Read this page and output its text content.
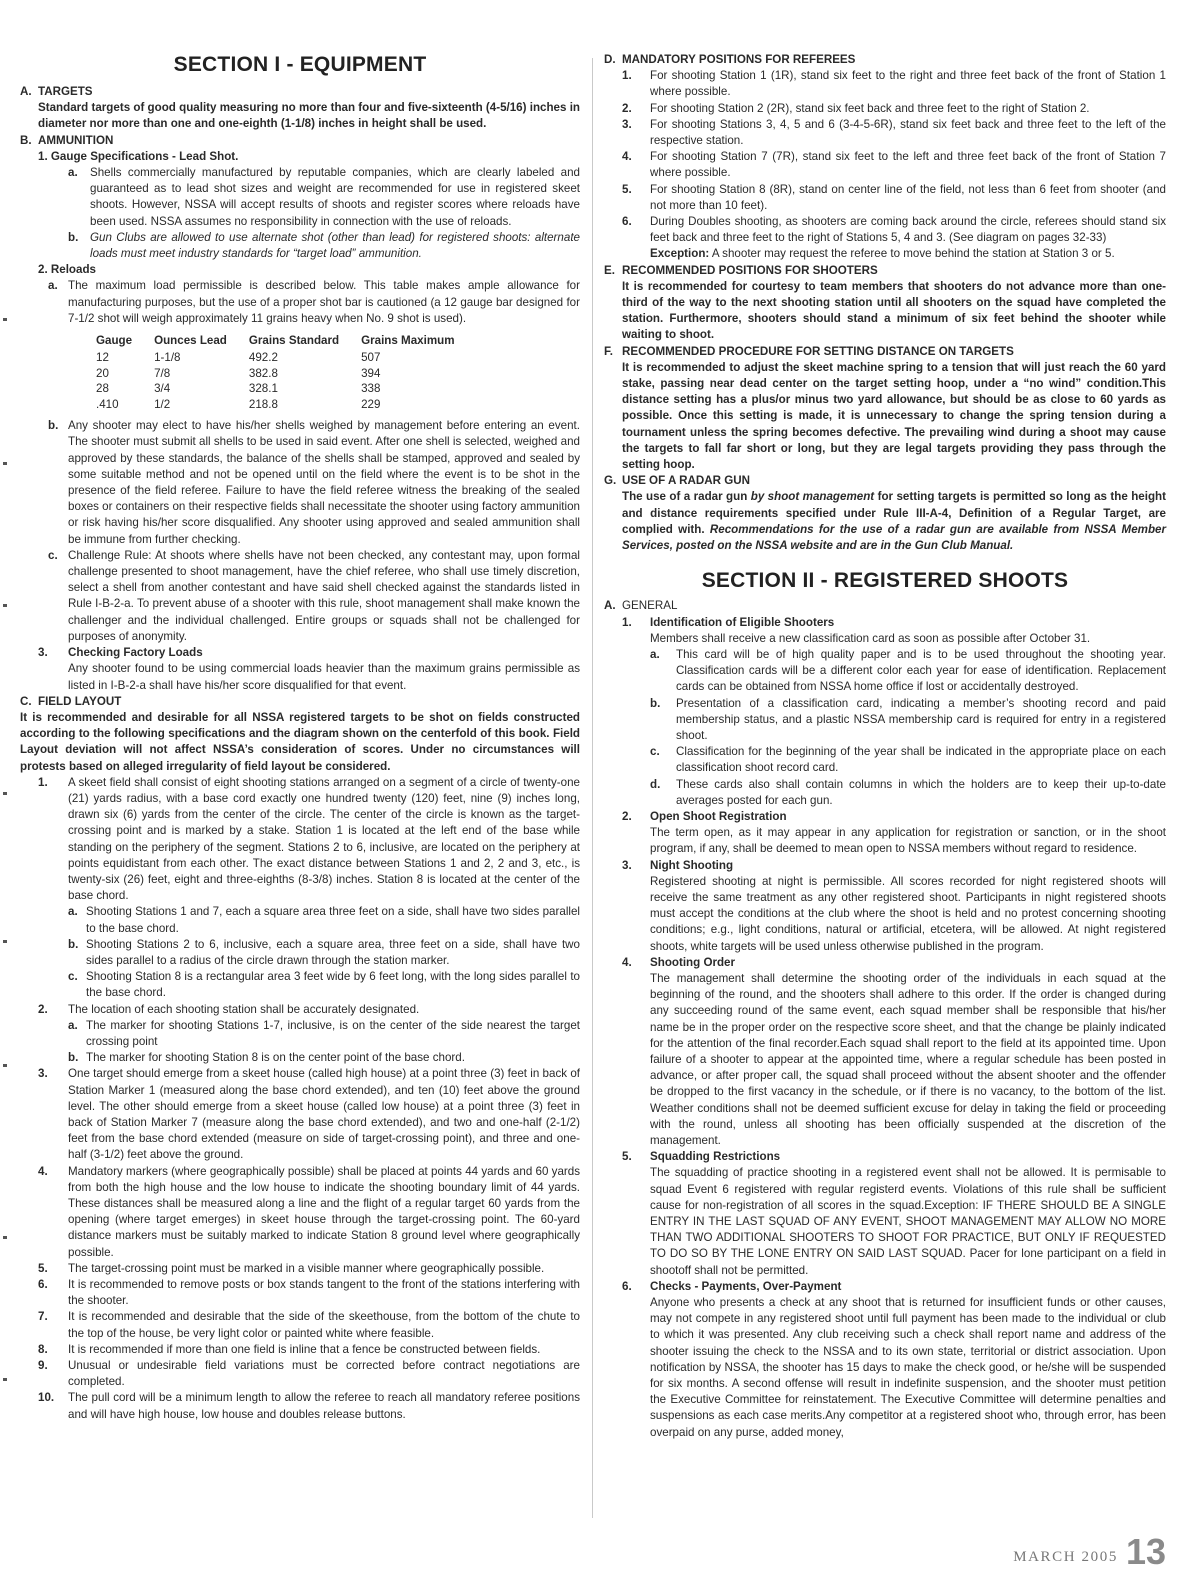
SECTION I - EQUIPMENT
A. TARGETS
Standard targets of good quality measuring no more than four and five-sixteenth (4-5/16) inches in diameter nor more than one and one-eighth (1-1/8) inches in height shall be used.
B. AMMUNITION
1. Gauge Specifications - Lead Shot.
a.	Shells commercially manufactured by reputable companies, which are clearly labeled and guaranteed as to lead shot sizes and weight are recommended for use in registered skeet shoots. However, NSSA will accept results of shoots and register scores where reloads have been used. NSSA assumes no responsibility in connection with the use of reloads.
b.	Gun Clubs are allowed to use alternate shot (other than lead) for registered shoots: alternate loads must meet industry standards for “target load” ammunition.
2. Reloads
a. The maximum load permissible is described below. This table makes ample allowance for manufacturing purposes, but the use of a proper shot bar is cautioned (a 12 gauge bar designed for 7-1/2 shot will weigh approximately 11 grains heavy when No. 9 shot is used).
Gauge	Ounces Lead	Grains Standard	Grains Maximum
12	1-1/8	492.2	507
20	7/8	382.8	394
28	3/4	328.1	338
.410	1/2	218.8	229
b. Any shooter may elect to have his/her shells weighed by management before entering an event. The shooter must submit all shells to be used in said event. After one shell is selected, weighed and approved by these standards, the balance of the shells shall be stamped, approved and sealed by some suitable method and not be opened until on the field where the event is to be shot in the presence of the field referee. Failure to have the field referee witness the breaking of the sealed boxes or containers on their respective fields shall necessitate the shooter using factory ammunition or risk having his/her score disqualified. Any shooter using approved and sealed ammunition shall be immune from further checking.
c. Challenge Rule: At shoots where shells have not been checked, any contestant may, upon formal challenge presented to shoot management, have the chief referee, who shall use timely discretion, select a shell from another contestant and have said shell checked against the standards listed in Rule I-B-2-a. To prevent abuse of a shooter with this rule, shoot management shall make known the challenger and the individual challenged. Entire groups or squads shall not be challenged for purposes of anonymity.
3.	Checking Factory Loads
Any shooter found to be using commercial loads heavier than the maximum grains permissible as listed in I-B-2-a shall have his/her score disqualified for that event.
C. FIELD LAYOUT
It is recommended and desirable for all NSSA registered targets to be shot on fields constructed according to the following specifications and the diagram shown on the centerfold of this book. Field Layout deviation will not affect NSSA’s consideration of scores. Under no circumstances will protests based on alleged irregularity of field layout be considered.
1.	A skeet field shall consist of eight shooting stations arranged on a segment of a circle of twenty-one (21) yards radius, with a base cord exactly one hundred twenty (120) feet, nine (9) inches long, drawn six (6) yards from the center of the circle. The center of the circle is known as the target-crossing point and is marked by a stake. Station 1 is located at the left end of the base while standing on the periphery of the segment. Stations 2 to 6, inclusive, are located on the periphery at points equidistant from each other. The exact distance between Stations 1 and 2, 2 and 3, etc., is twenty-six (26) feet, eight and three-eighths (8-3/8) inches. Station 8 is located at the center of the base chord.
a. Shooting Stations 1 and 7, each a square area three feet on a side, shall have two sides parallel to the base chord.
b. Shooting Stations 2 to 6, inclusive, each a square area, three feet on a side, shall have two sides parallel to a radius of the circle drawn through the station marker.
c. Shooting Station 8 is a rectangular area 3 feet wide by 6 feet long, with the long sides parallel to the base chord.
2.	The location of each shooting station shall be accurately designated.
a. The marker for shooting Stations 1-7, inclusive, is on the center of the side nearest the target crossing point
b. The marker for shooting Station 8 is on the center point of the base chord.
3.	One target should emerge from a skeet house (called high house) at a point three (3) feet in back of Station Marker 1 (measured along the base chord extended), and ten (10) feet above the ground level. The other should emerge from a skeet house (called low house) at a point three (3) feet in back of Station Marker 7 (measure along the base chord extended), and two and one-half (2-1/2) feet from the base chord extended (measure on side of target-crossing point), and three and one-half (3-1/2) feet above the ground.
4.	Mandatory markers (where geographically possible) shall be placed at points 44 yards and 60 yards from both the high house and the low house to indicate the shooting boundary limit of 44 yards. These distances shall be measured along a line and the flight of a regular target 60 yards from the opening (where target emerges) in skeet house through the target-crossing point. The 60-yard distance markers must be suitably marked to indicate Station 8 ground level where geographically possible.
5.	The target-crossing point must be marked in a visible manner where geographically possible.
6.	It is recommended to remove posts or box stands tangent to the front of the stations interfering with the shooter.
7.	It is recommended and desirable that the side of the skeethouse, from the bottom of the chute to the top of the house, be very light color or painted white where feasible.
8.	It is recommended if more than one field is inline that a fence be constructed between fields.
9.	Unusual or undesirable field variations must be corrected before contract negotiations are completed.
10.	The pull cord will be a minimum length to allow the referee to reach all mandatory referee positions and will have high house, low house and doubles release buttons.
D. MANDATORY POSITIONS FOR REFEREES
1.	For shooting Station 1 (1R), stand six feet to the right and three feet back of the front of Station 1 where possible.
2.	For shooting Station 2 (2R), stand six feet back and three feet to the right of Station 2.
3.	For shooting Stations 3, 4, 5 and 6 (3-4-5-6R), stand six feet back and three feet to the left of the respective station.
4.	For shooting Station 7 (7R), stand six feet to the left and three feet back of the front of Station 7 where possible.
5.	For shooting Station 8 (8R), stand on center line of the field, not less than 6 feet from shooter (and not more than 10 feet).
6.	During Doubles shooting, as shooters are coming back around the circle, referees should stand six feet back and three feet to the right of Stations 5, 4 and 3. (See diagram on pages 32-33)
Exception: A shooter may request the referee to move behind the station at Station 3 or 5.
E. RECOMMENDED POSITIONS FOR SHOOTERS
It is recommended for courtesy to team members that shooters do not advance more than one-third of the way to the next shooting station until all shooters on the squad have completed the station. Furthermore, shooters should stand a minimum of six feet behind the shooter while waiting to shoot.
F. RECOMMENDED PROCEDURE FOR SETTING DISTANCE ON TARGETS
It is recommended to adjust the skeet machine spring to a tension that will just reach the 60 yard stake, passing near dead center on the target setting hoop, under a “no wind” condition.This distance setting has a plus/or minus two yard allowance, but should be as close to 60 yards as possible. Once this setting is made, it is unnecessary to change the spring tension during a tournament unless the spring becomes defective. The prevailing wind during a shoot may cause the targets to fall far short or long, but they are legal targets providing they pass through the setting hoop.
G. USE OF A RADAR GUN
The use of a radar gun by shoot management for setting targets is permitted so long as the height and distance requirements specified under Rule III-A-4, Definition of a Regular Target, are complied with. Recommendations for the use of a radar gun are available from NSSA Member Services, posted on the NSSA website and are in the Gun Club Manual.
SECTION II - REGISTERED SHOOTS
A. GENERAL
1.	Identification of Eligible Shooters
Members shall receive a new classification card as soon as possible after October 31.
a.	This card will be of high quality paper and is to be used throughout the shooting year. Classification cards will be a different color each year for ease of identification. Replacement cards can be obtained from NSSA home office if lost or accidentally destroyed.
b.	Presentation of a classification card, indicating a member’s shooting record and paid membership status, and a plastic NSSA membership card is required for entry in a registered shoot.
c.	Classification for the beginning of the year shall be indicated in the appropriate place on each classification shoot record card.
d.	These cards also shall contain columns in which the holders are to keep their up-to-date averages posted for each gun.
2.	Open Shoot Registration
The term open, as it may appear in any application for registration or sanction, or in the shoot program, if any, shall be deemed to mean open to NSSA members without regard to residence.
3.	Night Shooting
Registered shooting at night is permissible. All scores recorded for night registered shoots will receive the same treatment as any other registered shoot. Participants in night registered shoots must accept the conditions at the club where the shoot is held and no protest concerning shooting conditions; e.g., light conditions, natural or artificial, etcetera, will be allowed. At night registered shoots, white targets will be used unless otherwise published in the program.
4.	Shooting Order
The management shall determine the shooting order of the individuals in each squad at the beginning of the round, and the shooters shall adhere to this order. If the order is changed during any succeeding round of the same event, each squad member shall be responsible that his/her name be in the proper order on the respective score sheet, and that the change be plainly indicated for the attention of the final recorder.Each squad shall report to the field at its appointed time. Upon failure of a shooter to appear at the appointed time, where a regular schedule has been posted in advance, or after proper call, the squad shall proceed without the absent shooter and the offender be dropped to the first vacancy in the schedule, or if there is no vacancy, to the bottom of the list. Weather conditions shall not be deemed sufficient excuse for delay in taking the field or proceeding with the round, unless all shooting has been officially suspended at the discretion of the management.
5.	Squadding Restrictions
The squadding of practice shooting in a registered event shall not be allowed. It is permisable to squad Event 6 registered with regular registerd events. Violations of this rule shall be sufficient cause for non-registration of all scores in the squad.Exception: IF THERE SHOULD BE A SINGLE ENTRY IN THE LAST SQUAD OF ANY EVENT, SHOOT MANAGEMENT MAY ALLOW NO MORE THAN TWO ADDITIONAL SHOOTERS TO SHOOT FOR PRACTICE, BUT ONLY IF REQUESTED TO DO SO BY THE LONE ENTRY ON SAID LAST SQUAD. Pacer for lone participant on a field in shootoff shall not be permitted.
6.	Checks - Payments, Over-Payment
Anyone who presents a check at any shoot that is returned for insufficient funds or other causes, may not compete in any registered shoot until full payment has been made to the individual or club to which it was presented. Any club receiving such a check shall report name and address of the shooter issuing the check to the NSSA and to its own state, territorial or district association. Upon notification by NSSA, the shooter has 15 days to make the check good, or he/she will be suspended for six months. A second offense will result in indefinite suspension, and the shooter must petition the Executive Committee for reinstatement. The Executive Committee will determine penalties and suspensions as each case merits.Any competitor at a registered shoot who, through error, has been overpaid on any purse, added money,
MARCH 2005 13
